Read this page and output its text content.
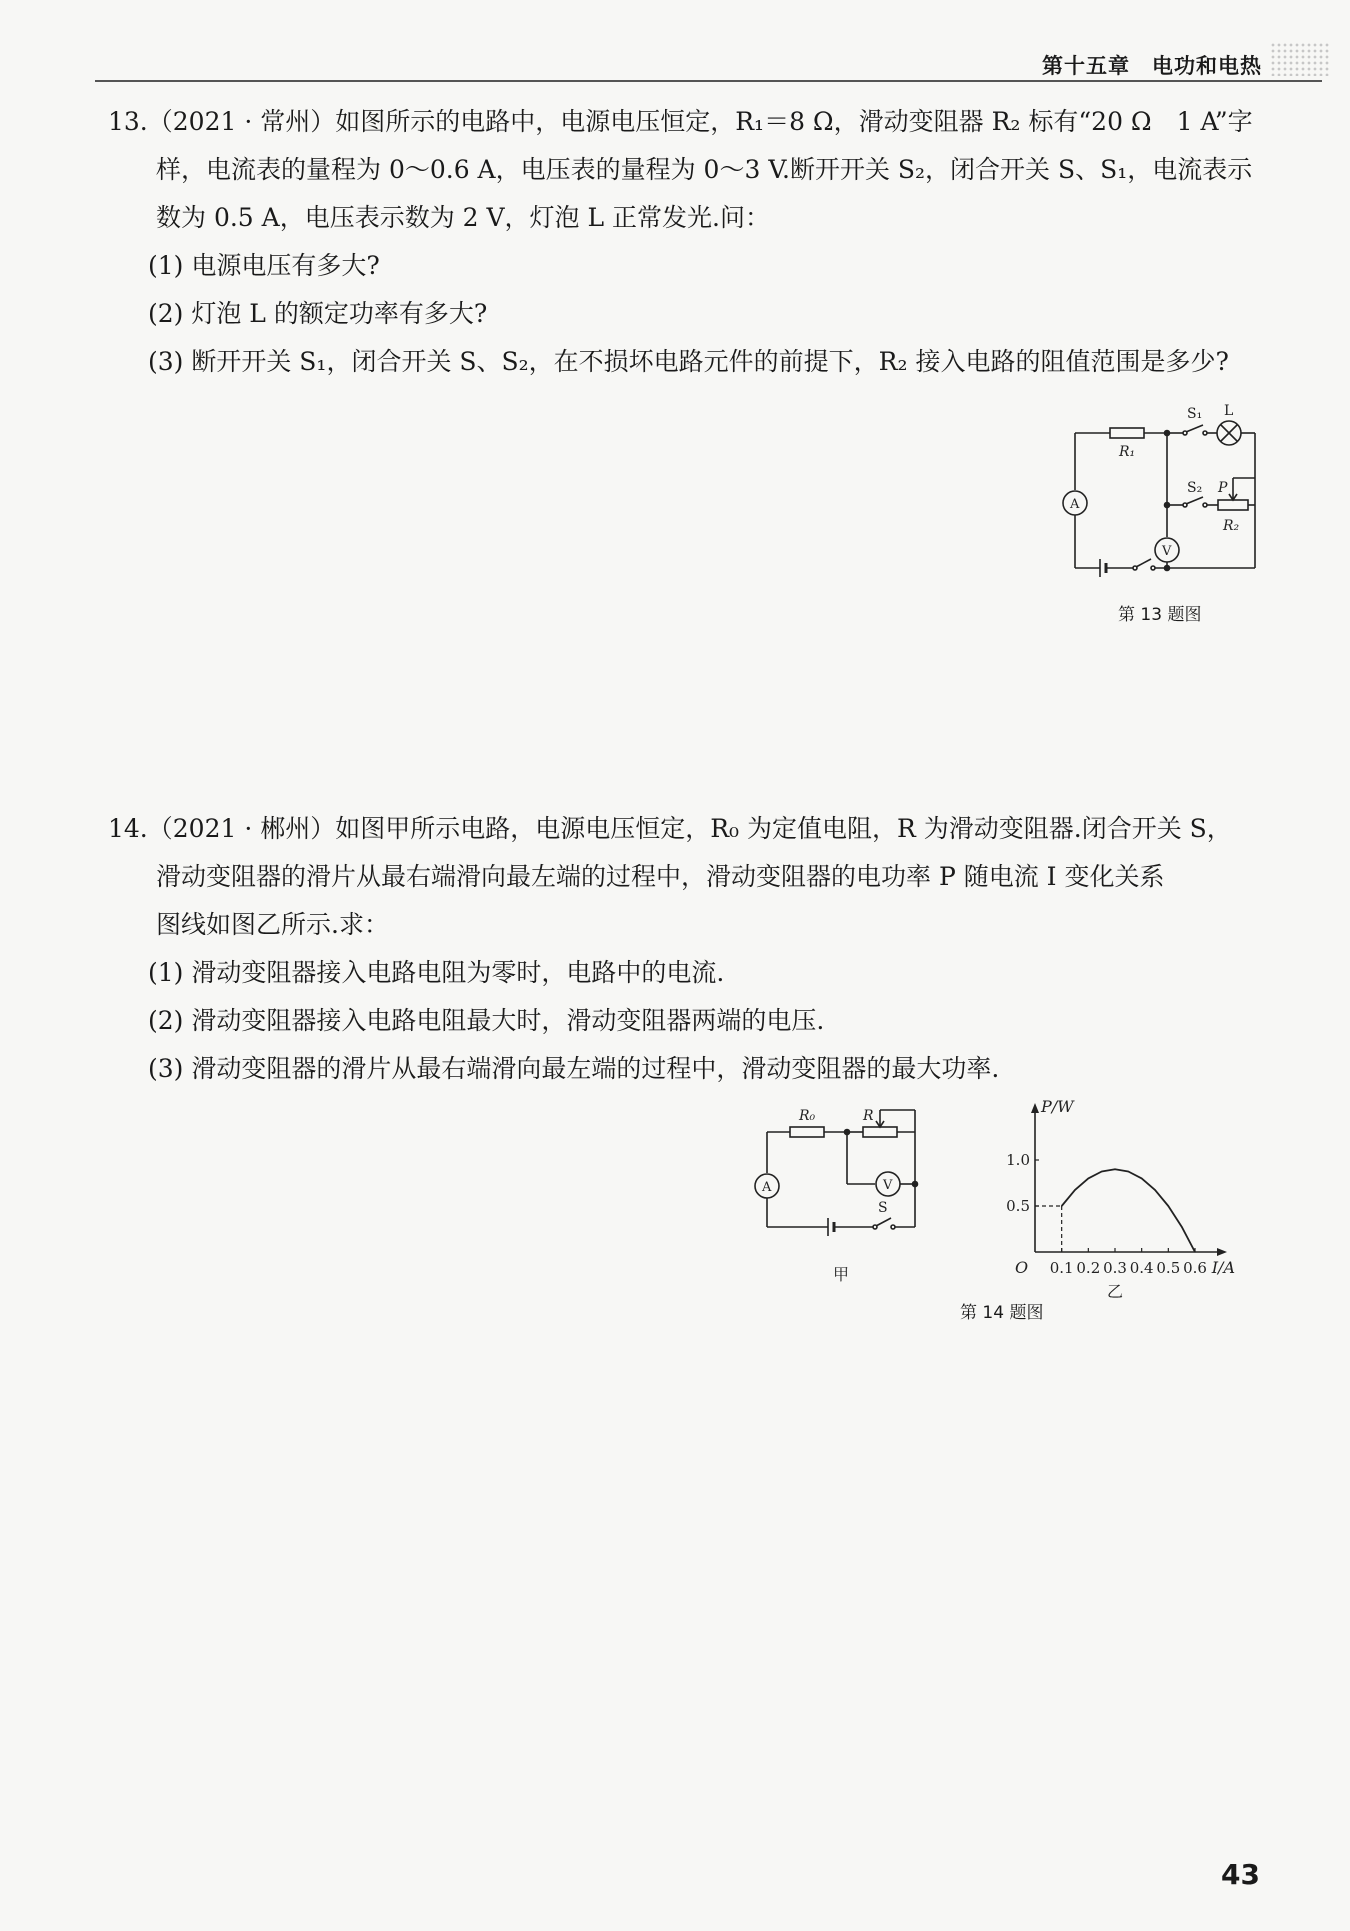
第十五章　电功和电热

13.（2021 · 常州）如图所示的电路中，电源电压恒定，R₁＝8 Ω，滑动变阻器 R₂ 标有“20 Ω　1 A”字

样，电流表的量程为 0～0.6 A，电压表的量程为 0～3 V.断开开关 S₂，闭合开关 S、S₁，电流表示

数为 0.5 A，电压表示数为 2 V，灯泡 L 正常发光.问：

(1) 电源电压有多大?

(2) 灯泡 L 的额定功率有多大?

(3) 断开开关 S₁，闭合开关 S、S₂，在不损坏电路元件的前提下，R₂ 接入电路的阻值范围是多少?

R₁
S₁ L
S₂ P
R₂
A
V
第 13 题图

14.（2021 · 郴州）如图甲所示电路，电源电压恒定，R₀ 为定值电阻，R 为滑动变阻器.闭合开关 S，

滑动变阻器的滑片从最右端滑向最左端的过程中，滑动变阻器的电功率 P 随电流 I 变化关系

图线如图乙所示.求：

(1) 滑动变阻器接入电路电阻为零时，电路中的电流.

(2) 滑动变阻器接入电路电阻最大时，滑动变阻器两端的电压.

(3) 滑动变阻器的滑片从最右端滑向最左端的过程中，滑动变阻器的最大功率.

R₀	R
S
A	V
甲	0.1 0.2 0.3 0.4 0.5 0.6
0.5
1.0
O
P/W
I/A
乙
第 14 题图
43
